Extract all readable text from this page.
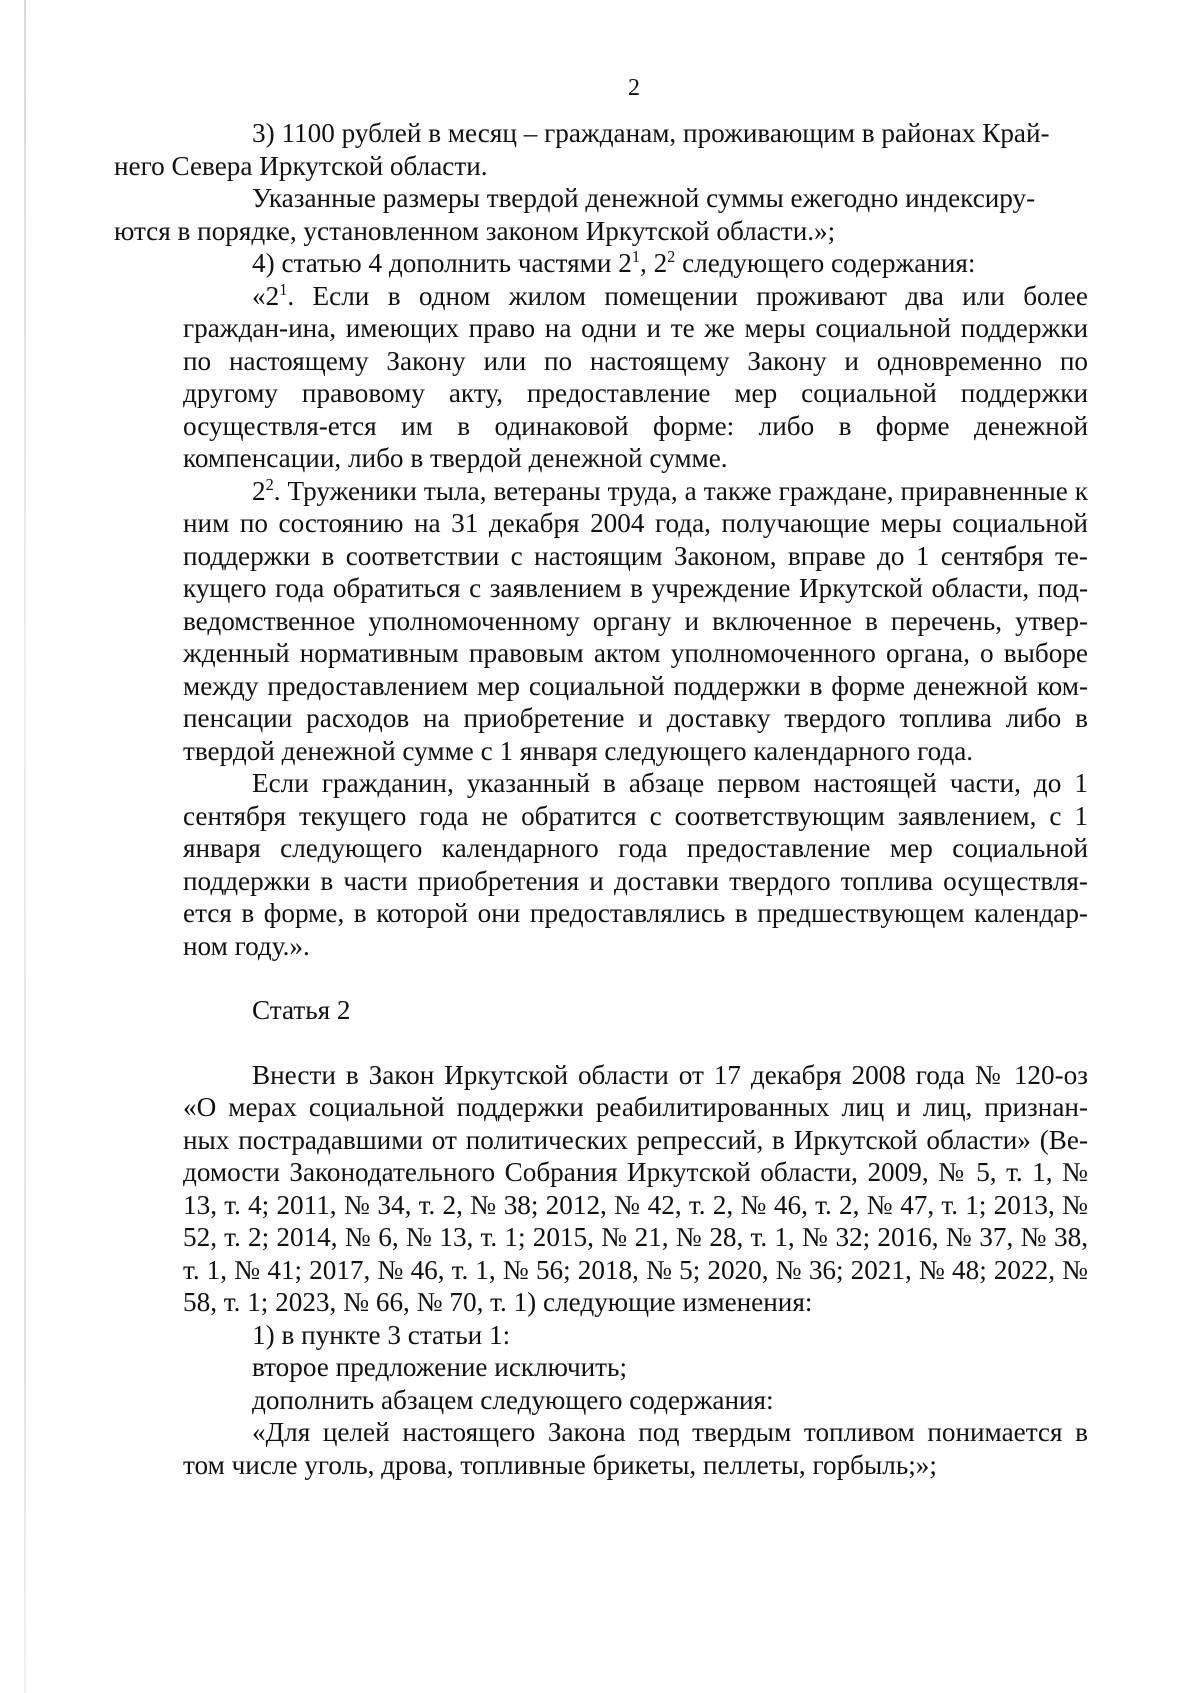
2

3) 1100 рублей в месяц – гражданам, проживающим в районах Край-
него Севера Иркутской области.

Указанные размеры твердой денежной суммы ежегодно индексиру-
ются в порядке, установленном законом Иркутской области.»;

4) статью 4 дополнить частями $2^1$, $2^2$ следующего содержания:

«$2^1$. Если в одном жилом помещении проживают два или более граждан-ина, имеющих право на одни и те же меры социальной поддержки по настоящему Закону или по настоящему Закону и одновременно по другому правовому акту, предоставление мер социальной поддержки осуществля-ется им в одинаковой форме: либо в форме денежной компенсации, либо в твердой денежной сумме.

$2^2$. Труженики тыла, ветераны труда, а также граждане, приравненные к ним по состоянию на 31 декабря 2004 года, получающие меры социальной поддержки в соответствии с настоящим Законом, вправе до 1 сентября те-кущего года обратиться с заявлением в учреждение Иркутской области, под-ведомственное уполномоченному органу и включенное в перечень, утвер-жденный нормативным правовым актом уполномоченного органа, о выборе между предоставлением мер социальной поддержки в форме денежной ком-пенсации расходов на приобретение и доставку твердого топлива либо в твердой денежной сумме с 1 января следующего календарного года.

Если гражданин, указанный в абзаце первом настоящей части, до 1 сентября текущего года не обратится с соответствующим заявлением, с 1 января следующего календарного года предоставление мер социальной поддержки в части приобретения и доставки твердого топлива осуществля-ется в форме, в которой они предоставлялись в предшествующем календар-ном году.».

Статья 2

Внести в Закон Иркутской области от 17 декабря 2008 года № 120-оз «О мерах социальной поддержки реабилитированных лиц и лиц, признан-ных пострадавшими от политических репрессий, в Иркутской области» (Ве-домости Законодательного Собрания Иркутской области, 2009, № 5, т. 1, № 13, т. 4; 2011, № 34, т. 2, № 38; 2012, № 42, т. 2, № 46, т. 2, № 47, т. 1; 2013, № 52, т. 2; 2014, № 6, № 13, т. 1; 2015, № 21, № 28, т. 1, № 32; 2016, № 37, № 38, т. 1, № 41; 2017, № 46, т. 1, № 56; 2018, № 5; 2020, № 36; 2021, № 48; 2022, № 58, т. 1; 2023, № 66, № 70, т. 1) следующие изменения:

1) в пункте 3 статьи 1:

второе предложение исключить;

дополнить абзацем следующего содержания:

«Для целей настоящего Закона под твердым топливом понимается в том числе уголь, дрова, топливные брикеты, пеллеты, горбыль;»;
